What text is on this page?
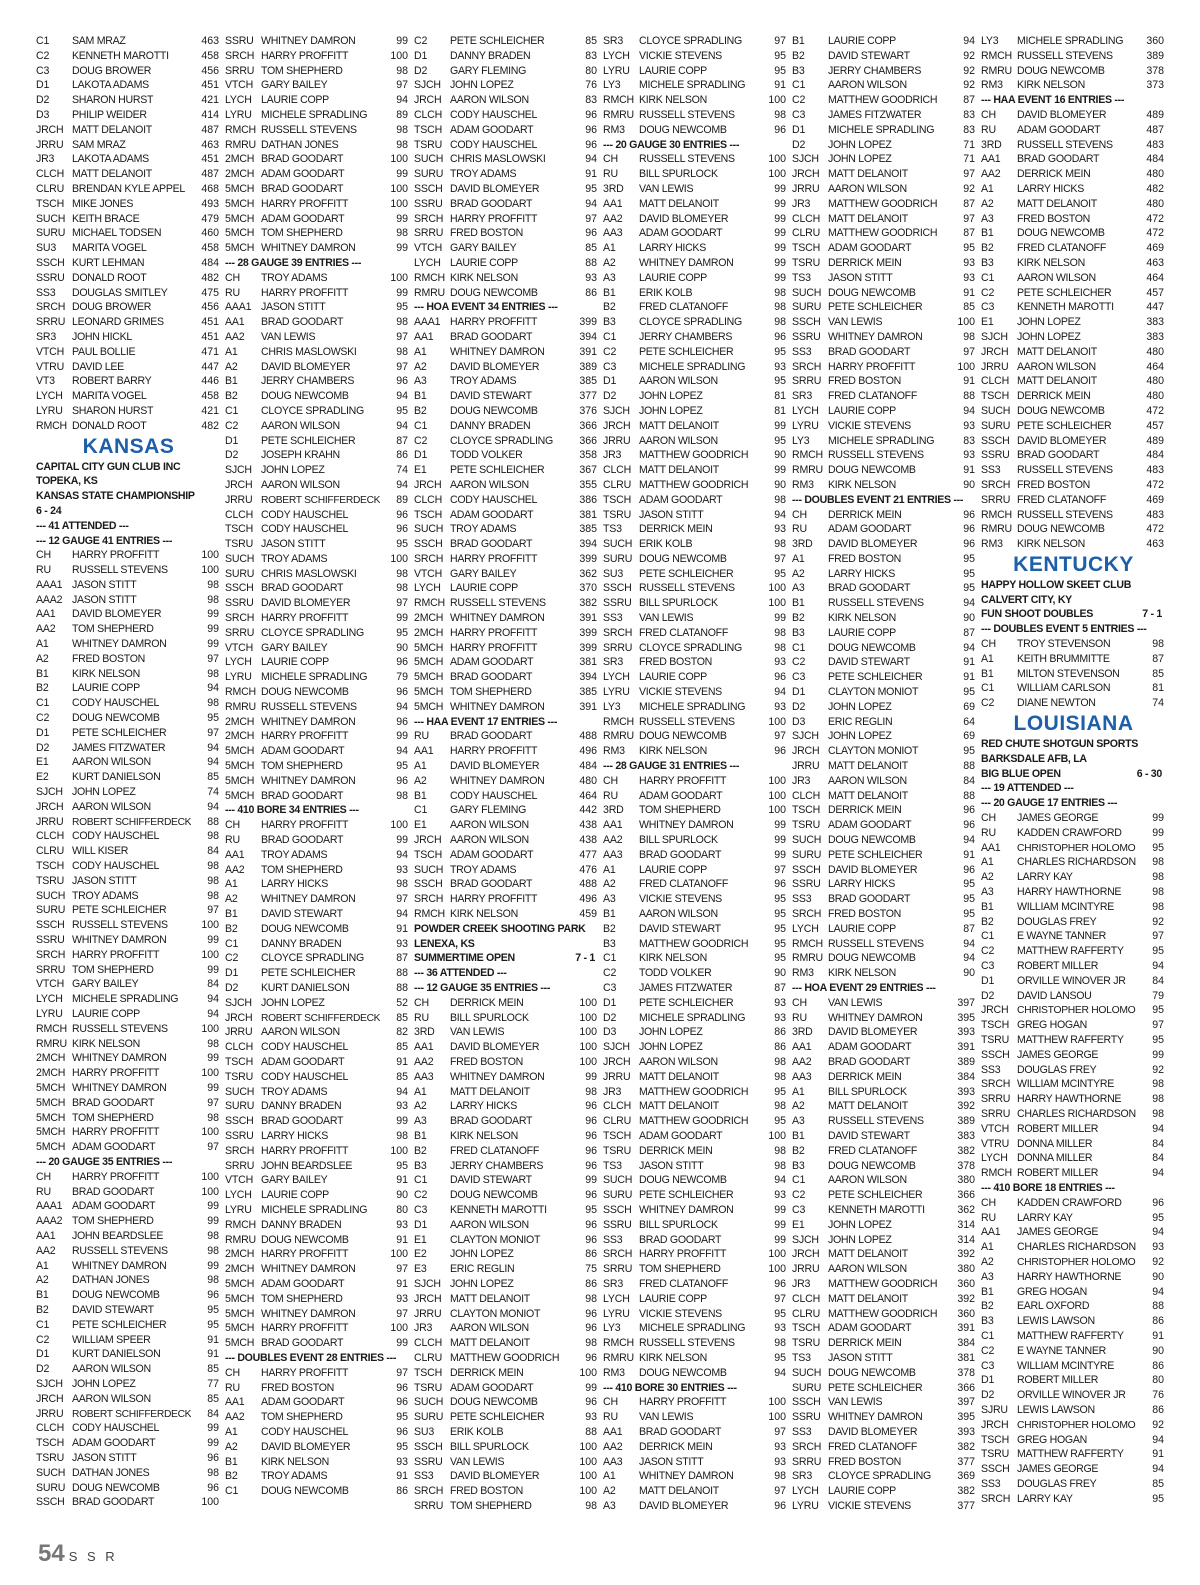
C1	SAM MRAZ	463
C2	KENNETH MAROTTI	458
C3	DOUG BROWER	456
D1	LAKOTA ADAMS	451
D2	SHARON HURST	421
D3	PHILIP WEIDER	414
JRCH MATT DELANOIT	487
JRRU SAM MRAZ	463
JR3	LAKOTA ADAMS	451
CLCH MATT DELANOIT	487
CLRU BRENDAN KYLE APPEL	468
TSCH MIKE JONES	493
SUCH KEITH BRACE	479
SURU MICHAEL TODSEN	460
SU3	MARITA VOGEL	458
SSCH KURT LEHMAN	484
SSRU DONALD ROOT	482
SS3	DOUGLAS SMITLEY	475
SRCH DOUG BROWER	456
SRRU LEONARD GRIMES	451
SR3	JOHN HICKL	451
VTCH PAUL BOLLIE	471
VTRU DAVID LEE	447
VT3	ROBERT BARRY	446
LYCH MARITA VOGEL	458
LYRU SHARON HURST	421
RMCH DONALD ROOT	482
KANSAS
CAPITAL CITY GUN CLUB INC
TOPEKA, KS
KANSAS STATE CHAMPIONSHIP
6 - 24
--- 41 ATTENDED ---
--- 12 GAUGE 41 ENTRIES ---
CH	HARRY PROFFITT	100
RU	RUSSELL STEVENS	100
AAA1 JASON STITT	98
AAA2 JASON STITT	98
AA1	DAVID BLOMEYER	99
AA2	TOM SHEPHERD	99
A1	WHITNEY DAMRON	99
A2	FRED BOSTON	97
B1	KIRK NELSON	98
B2	LAURIE COPP	94
C1	CODY HAUSCHEL	98
C2	DOUG NEWCOMB	95
D1	PETE SCHLEICHER	97
D2	JAMES FITZWATER	94
E1	AARON WILSON	94
E2	KURT DANIELSON	85
SJCH JOHN LOPEZ	74
JRCH AARON WILSON	94
JRRU ROBERT SCHIFFERDECK	88
CLCH CODY HAUSCHEL	98
CLRU WILL KISER	84
TSCH CODY HAUSCHEL	98
TSRU JASON STITT	98
SUCH TROY ADAMS	98
SURU PETE SCHLEICHER	97
SSCH RUSSELL STEVENS	100
SSRU WHITNEY DAMRON	99
SRCH HARRY PROFFITT	100
SRRU TOM SHEPHERD	99
VTCH GARY BAILEY	84
LYCH MICHELE SPRADLING	94
LYRU LAURIE COPP	94
RMCH RUSSELL STEVENS	100
RMRU KIRK NELSON	98
2MCH WHITNEY DAMRON	99
2MCH HARRY PROFFITT	100
5MCH WHITNEY DAMRON	99
5MCH BRAD GOODART	97
5MCH TOM SHEPHERD	98
5MCH HARRY PROFFITT	100
5MCH ADAM GOODART	97
--- 20 GAUGE 35 ENTRIES ---
CH	HARRY PROFFITT	100
RU	BRAD GOODART	100
AAA1 ADAM GOODART	99
AAA2 TOM SHEPHERD	99
AA1	JOHN BEARDSLEE	98
AA2	RUSSELL STEVENS	98
A1	WHITNEY DAMRON	99
A2	DATHAN JONES	98
B1	DOUG NEWCOMB	96
B2	DAVID STEWART	95
C1	PETE SCHLEICHER	95
C2	WILLIAM SPEER	91
D1	KURT DANIELSON	91
D2	AARON WILSON	85
SJCH JOHN LOPEZ	77
JRCH AARON WILSON	85
JRRU ROBERT SCHIFFERDECK	84
CLCH CODY HAUSCHEL	99
TSCH ADAM GOODART	99
TSRU JASON STITT	96
SUCH DATHAN JONES	98
SURU DOUG NEWCOMB	96
SSCH BRAD GOODART	100
SSRU WHITNEY DAMRON	99
SRCH HARRY PROFFITT	100
SRRU TOM SHEPHERD	98
VTCH GARY BAILEY	97
LYCH LAURIE COPP	94
LYRU MICHELE SPRADLING	89
RMCH RUSSELL STEVENS	98
RMRU DATHAN JONES	98
2MCH BRAD GOODART	100
2MCH ADAM GOODART	99
5MCH BRAD GOODART	100
5MCH HARRY PROFFITT	100
5MCH ADAM GOODART	99
5MCH TOM SHEPHERD	98
5MCH WHITNEY DAMRON	99
--- 28 GAUGE 39 ENTRIES ---
CH	TROY ADAMS	100
RU	HARRY PROFFITT	99
AAA1 JASON STITT	95
AA1	BRAD GOODART	98
AA2	VAN LEWIS	97
A1	CHRIS MASLOWSKI	98
A2	DAVID BLOMEYER	97
B1	JERRY CHAMBERS	96
B2	DOUG NEWCOMB	94
C1	CLOYCE SPRADLING	95
C2	AARON WILSON	94
D1	PETE SCHLEICHER	87
D2	JOSEPH KRAHN	86
SJCH JOHN LOPEZ	74
JRCH AARON WILSON	94
JRRU ROBERT SCHIFFERDECK	89
CLCH CODY HAUSCHEL	96
TSCH CODY HAUSCHEL	96
TSRU JASON STITT	95
SUCH TROY ADAMS	100
SURU CHRIS MASLOWSKI	98
SSCH BRAD GOODART	98
SSRU DAVID BLOMEYER	97
SRCH HARRY PROFFITT	99
SRRU CLOYCE SPRADLING	95
VTCH GARY BAILEY	90
LYCH LAURIE COPP	96
LYRU MICHELE SPRADLING	79
RMCH DOUG NEWCOMB	96
RMRU RUSSELL STEVENS	94
2MCH WHITNEY DAMRON	96
2MCH HARRY PROFFITT	99
5MCH ADAM GOODART	94
5MCH TOM SHEPHERD	95
5MCH WHITNEY DAMRON	96
5MCH BRAD GOODART	98
--- 410 BORE 34 ENTRIES ---
CH	HARRY PROFFITT	100
RU	BRAD GOODART	99
AA1	TROY ADAMS	94
AA2	TOM SHEPHERD	93
A1	LARRY HICKS	98
A2	WHITNEY DAMRON	97
B1	DAVID STEWART	94
B2	DOUG NEWCOMB	91
C1	DANNY BRADEN	93
C2	CLOYCE SPRADLING	87
D1	PETE SCHLEICHER	88
D2	KURT DANIELSON	88
SJCH JOHN LOPEZ	52
JRCH ROBERT SCHIFFERDECK	85
JRRU AARON WILSON	82
CLCH CODY HAUSCHEL	85
TSCH ADAM GOODART	91
TSRU CODY HAUSCHEL	85
SUCH TROY ADAMS	94
SURU DANNY BRADEN	93
SSCH BRAD GOODART	99
SSRU LARRY HICKS	98
SRCH HARRY PROFFITT	100
SRRU JOHN BEARDSLEE	95
VTCH GARY BAILEY	91
LYCH LAURIE COPP	90
LYRU MICHELE SPRADLING	80
RMCH DANNY BRADEN	93
RMRU DOUG NEWCOMB	91
2MCH HARRY PROFFITT	100
2MCH WHITNEY DAMRON	97
5MCH ADAM GOODART	91
5MCH TOM SHEPHERD	93
5MCH WHITNEY DAMRON	97
5MCH HARRY PROFFITT	100
5MCH BRAD GOODART	99
--- DOUBLES EVENT 28 ENTRIES ---
CH	HARRY PROFFITT	97
RU	FRED BOSTON	96
AA1	ADAM GOODART	96
AA2	TOM SHEPHERD	95
A1	CODY HAUSCHEL	96
A2	DAVID BLOMEYER	95
B1	KIRK NELSON	93
B2	TROY ADAMS	91
C1	DOUG NEWCOMB	86
C2	PETE SCHLEICHER	85
D1	DANNY BRADEN	83
D2	GARY FLEMING	80
SJCH JOHN LOPEZ	76
JRCH AARON WILSON	83
CLCH CODY HAUSCHEL	96
TSCH ADAM GOODART	96
TSRU CODY HAUSCHEL	96
SUCH CHRIS MASLOWSKI	94
SURU TROY ADAMS	91
SSCH DAVID BLOMEYER	95
SSRU BRAD GOODART	94
SRCH HARRY PROFFITT	97
SRRU FRED BOSTON	96
VTCH GARY BAILEY	85
LYCH LAURIE COPP	88
RMCH KIRK NELSON	93
RMRU DOUG NEWCOMB	86
--- HOA EVENT 34 ENTRIES ---
AAA1 HARRY PROFFITT	399
AA1	BRAD GOODART	394
A1	WHITNEY DAMRON	391
A2	DAVID BLOMEYER	389
A3	TROY ADAMS	385
B1	DAVID STEWART	377
B2	DOUG NEWCOMB	376
C1	DANNY BRADEN	366
C2	CLOYCE SPRADLING	366
D1	TODD VOLKER	358
E1	PETE SCHLEICHER	367
JRCH AARON WILSON	355
CLCH CODY HAUSCHEL	386
TSCH ADAM GOODART	381
SUCH TROY ADAMS	385
SSCH BRAD GOODART	394
SRCH HARRY PROFFITT	399
VTCH GARY BAILEY	362
LYCH LAURIE COPP	370
RMCH RUSSELL STEVENS	382
2MCH WHITNEY DAMRON	391
2MCH HARRY PROFFITT	399
5MCH HARRY PROFFITT	399
5MCH ADAM GOODART	381
5MCH BRAD GOODART	394
5MCH TOM SHEPHERD	385
5MCH WHITNEY DAMRON	391
--- HAA EVENT 17 ENTRIES ---
RU	BRAD GOODART	488
AA1	HARRY PROFFITT	496
A1	DAVID BLOMEYER	484
A2	WHITNEY DAMRON	480
B1	CODY HAUSCHEL	464
C1	GARY FLEMING	442
E1	AARON WILSON	438
JRCH AARON WILSON	438
TSCH ADAM GOODART	477
SUCH TROY ADAMS	476
SSCH BRAD GOODART	488
SRCH HARRY PROFFITT	496
RMCH KIRK NELSON	459
POWDER CREEK SHOOTING PARK
LENEXA, KS
SUMMERTIME OPEN	7 - 1
--- 36 ATTENDED ---
--- 12 GAUGE 35 ENTRIES ---
CH	DERRICK MEIN	100
RU	BILL SPURLOCK	100
3RD	VAN LEWIS	100
AA1	DAVID BLOMEYER	100
AA2	FRED BOSTON	100
AA3	WHITNEY DAMRON	99
A1	MATT DELANOIT	98
A2	LARRY HICKS	96
A3	BRAD GOODART	96
B1	KIRK NELSON	96
B2	FRED CLATANOFF	96
B3	JERRY CHAMBERS	96
C1	DAVID STEWART	99
C2	DOUG NEWCOMB	96
C3	KENNETH MAROTTI	95
D1	AARON WILSON	96
E1	CLAYTON MONIOT	96
E2	JOHN LOPEZ	86
E3	ERIC REGLIN	75
SJCH JOHN LOPEZ	86
JRCH MATT DELANOIT	98
JRRU CLAYTON MONIOT	96
JR3	AARON WILSON	96
CLCH MATT DELANOIT	98
CLRU MATTHEW GOODRICH	96
TSCH DERRICK MEIN	100
TSRU ADAM GOODART	99
SUCH DOUG NEWCOMB	96
SURU PETE SCHLEICHER	93
SU3	ERIK KOLB	88
SSCH BILL SPURLOCK	100
SSRU VAN LEWIS	100
SS3	DAVID BLOMEYER	100
SRCH FRED BOSTON	100
SRRU TOM SHEPHERD	98
SR3	CLOYCE SPRADLING	97
LYCH VICKIE STEVENS	95
LYRU LAURIE COPP	95
LY3	MICHELE SPRADLING	91
RMCH KIRK NELSON	100
RMRU RUSSELL STEVENS	98
RM3	DOUG NEWCOMB	96
--- 20 GAUGE 30 ENTRIES ---
CH	RUSSELL STEVENS	100
RU	BILL SPURLOCK	100
3RD	VAN LEWIS	99
AA1	MATT DELANOIT	99
AA2	DAVID BLOMEYER	99
AA3	ADAM GOODART	99
A1	LARRY HICKS	99
A2	WHITNEY DAMRON	99
A3	LAURIE COPP	99
B1	ERIK KOLB	98
B2	FRED CLATANOFF	98
B3	CLOYCE SPRADLING	98
C1	JERRY CHAMBERS	96
C2	PETE SCHLEICHER	95
C3	MICHELE SPRADLING	93
D1	AARON WILSON	95
D2	JOHN LOPEZ	81
SJCH JOHN LOPEZ	81
JRCH MATT DELANOIT	99
JRRU AARON WILSON	95
JR3	MATTHEW GOODRICH	90
CLCH MATT DELANOIT	99
CLRU MATTHEW GOODRICH	90
TSCH ADAM GOODART	98
TSRU JASON STITT	94
TS3	DERRICK MEIN	93
SUCH ERIK KOLB	98
SURU DOUG NEWCOMB	97
SU3	PETE SCHLEICHER	95
SSCH RUSSELL STEVENS	100
SSRU BILL SPURLOCK	100
SS3	VAN LEWIS	99
SRCH FRED CLATANOFF	98
SRRU CLOYCE SPRADLING	98
SR3	FRED BOSTON	93
LYCH LAURIE COPP	96
LYRU VICKIE STEVENS	94
LY3	MICHELE SPRADLING	93
RMCH RUSSELL STEVENS	100
RMRU DOUG NEWCOMB	97
RM3	KIRK NELSON	96
--- 28 GAUGE 31 ENTRIES ---
CH	HARRY PROFFITT	100
RU	ADAM GOODART	100
3RD	TOM SHEPHERD	100
AA1	WHITNEY DAMRON	99
AA2	BILL SPURLOCK	99
AA3	BRAD GOODART	99
A1	LAURIE COPP	97
A2	FRED CLATANOFF	96
A3	VICKIE STEVENS	95
B1	AARON WILSON	95
B2	DAVID STEWART	95
B3	MATTHEW GOODRICH	95
C1	KIRK NELSON	95
C2	TODD VOLKER	90
C3	JAMES FITZWATER	87
D1	PETE SCHLEICHER	93
D2	MICHELE SPRADLING	93
D3	JOHN LOPEZ	86
SJCH JOHN LOPEZ	86
JRCH AARON WILSON	98
JRRU MATT DELANOIT	98
JR3	MATTHEW GOODRICH	95
CLCH MATT DELANOIT	98
CLRU MATTHEW GOODRICH	95
TSCH ADAM GOODART	100
TSRU DERRICK MEIN	98
TS3	JASON STITT	98
SUCH DOUG NEWCOMB	94
SURU PETE SCHLEICHER	93
SSCH WHITNEY DAMRON	99
SSRU BILL SPURLOCK	99
SS3	BRAD GOODART	99
SRCH HARRY PROFFITT	100
SRRU TOM SHEPHERD	100
SR3	FRED CLATANOFF	96
LYCH LAURIE COPP	97
LYRU VICKIE STEVENS	95
LY3	MICHELE SPRADLING	93
RMCH RUSSELL STEVENS	98
RMRU KIRK NELSON	95
RM3	DOUG NEWCOMB	94
--- 410 BORE 30 ENTRIES ---
CH	HARRY PROFFITT	100
RU	VAN LEWIS	100
AA1	BRAD GOODART	97
AA2	DERRICK MEIN	93
AA3	JASON STITT	93
A1	WHITNEY DAMRON	98
A2	MATT DELANOIT	97
A3	DAVID BLOMEYER	96
B1	LAURIE COPP	94
B2	DAVID STEWART	92
B3	JERRY CHAMBERS	92
C1	AARON WILSON	92
C2	MATTHEW GOODRICH	87
C3	JAMES FITZWATER	83
D1	MICHELE SPRADLING	83
D2	JOHN LOPEZ	71
SJCH JOHN LOPEZ	71
JRCH MATT DELANOIT	97
JRRU AARON WILSON	92
JR3	MATTHEW GOODRICH	87
CLCH MATT DELANOIT	97
CLRU MATTHEW GOODRICH	87
TSCH ADAM GOODART	95
TSRU DERRICK MEIN	93
TS3	JASON STITT	93
SUCH DOUG NEWCOMB	91
SURU PETE SCHLEICHER	85
SSCH VAN LEWIS	100
SSRU WHITNEY DAMRON	98
SS3	BRAD GOODART	97
SRCH HARRY PROFFITT	100
SRRU FRED BOSTON	91
SR3	FRED CLATANOFF	88
LYCH LAURIE COPP	94
LYRU VICKIE STEVENS	93
LY3	MICHELE SPRADLING	83
RMCH RUSSELL STEVENS	93
RMRU DOUG NEWCOMB	91
RM3	KIRK NELSON	90
--- DOUBLES EVENT 21 ENTRIES ---
CH	DERRICK MEIN	96
RU	ADAM GOODART	96
3RD	DAVID BLOMEYER	96
A1	FRED BOSTON	95
A2	LARRY HICKS	95
A3	BRAD GOODART	95
B1	RUSSELL STEVENS	94
B2	KIRK NELSON	90
B3	LAURIE COPP	87
C1	DOUG NEWCOMB	94
C2	DAVID STEWART	91
C3	PETE SCHLEICHER	91
D1	CLAYTON MONIOT	95
D2	JOHN LOPEZ	69
D3	ERIC REGLIN	64
SJCH JOHN LOPEZ	69
JRCH CLAYTON MONIOT	95
JRRU MATT DELANOIT	88
JR3	AARON WILSON	84
CLCH MATT DELANOIT	88
TSCH DERRICK MEIN	96
TSRU ADAM GOODART	96
SUCH DOUG NEWCOMB	94
SURU PETE SCHLEICHER	91
SSCH DAVID BLOMEYER	96
SSRU LARRY HICKS	95
SS3	BRAD GOODART	95
SRCH FRED BOSTON	95
LYCH LAURIE COPP	87
RMCH RUSSELL STEVENS	94
RMRU DOUG NEWCOMB	94
RM3	KIRK NELSON	90
--- HOA EVENT 29 ENTRIES ---
CH	VAN LEWIS	397
RU	WHITNEY DAMRON	395
3RD	DAVID BLOMEYER	393
AA1	ADAM GOODART	391
AA2	BRAD GOODART	389
AA3	DERRICK MEIN	384
A1	BILL SPURLOCK	393
A2	MATT DELANOIT	392
A3	RUSSELL STEVENS	389
B1	DAVID STEWART	383
B2	FRED CLATANOFF	382
B3	DOUG NEWCOMB	378
C1	AARON WILSON	380
C2	PETE SCHLEICHER	366
C3	KENNETH MAROTTI	362
E1	JOHN LOPEZ	314
SJCH JOHN LOPEZ	314
JRCH MATT DELANOIT	392
JRRU AARON WILSON	380
JR3	MATTHEW GOODRICH	360
CLCH MATT DELANOIT	392
CLRU MATTHEW GOODRICH	360
TSCH ADAM GOODART	391
TSRU DERRICK MEIN	384
TS3	JASON STITT	381
SUCH DOUG NEWCOMB	378
SURU PETE SCHLEICHER	366
SSCH VAN LEWIS	397
SSRU WHITNEY DAMRON	395
SS3	DAVID BLOMEYER	393
SRCH FRED CLATANOFF	382
SRRU FRED BOSTON	377
SR3	CLOYCE SPRADLING	369
LYCH LAURIE COPP	382
LYRU VICKIE STEVENS	377
LY3	MICHELE SPRADLING	360
RMCH RUSSELL STEVENS	389
RMRU DOUG NEWCOMB	378
RM3	KIRK NELSON	373
--- HAA EVENT 16 ENTRIES ---
CH	DAVID BLOMEYER	489
RU	ADAM GOODART	487
3RD	RUSSELL STEVENS	483
AA1	BRAD GOODART	484
AA2	DERRICK MEIN	480
A1	LARRY HICKS	482
A2	MATT DELANOIT	480
A3	FRED BOSTON	472
B1	DOUG NEWCOMB	472
B2	FRED CLATANOFF	469
B3	KIRK NELSON	463
C1	AARON WILSON	464
C2	PETE SCHLEICHER	457
C3	KENNETH MAROTTI	447
E1	JOHN LOPEZ	383
SJCH JOHN LOPEZ	383
JRCH MATT DELANOIT	480
JRRU AARON WILSON	464
CLCH MATT DELANOIT	480
TSCH DERRICK MEIN	480
SUCH DOUG NEWCOMB	472
SURU PETE SCHLEICHER	457
SSCH DAVID BLOMEYER	489
SSRU BRAD GOODART	484
SS3	RUSSELL STEVENS	483
SRCH FRED BOSTON	472
SRRU FRED CLATANOFF	469
RMCH RUSSELL STEVENS	483
RMRU DOUG NEWCOMB	472
RM3	KIRK NELSON	463
KENTUCKY
HAPPY HOLLOW SKEET CLUB
CALVERT CITY, KY
FUN SHOOT DOUBLES	7 - 1
--- DOUBLES EVENT 5 ENTRIES ---
CH	TROY STEVENSON	98
A1	KEITH BRUMMITTE	87
B1	MILTON STEVENSON	85
C1	WILLIAM CARLSON	81
C2	DIANE NEWTON	74
LOUISIANA
RED CHUTE SHOTGUN SPORTS
BARKSDALE AFB, LA
BIG BLUE OPEN	6 - 30
--- 19 ATTENDED ---
--- 20 GAUGE 17 ENTRIES ---
CH	JAMES GEORGE	99
RU	KADDEN CRAWFORD	99
AA1	CHRISTOPHER HOLOMO	95
A1	CHARLES RICHARDSON	98
A2	LARRY KAY	98
A3	HARRY HAWTHORNE	98
B1	WILLIAM MCINTYRE	98
B2	DOUGLAS FREY	92
C1	E WAYNE TANNER	97
C2	MATTHEW RAFFERTY	95
C3	ROBERT MILLER	94
D1	ORVILLE WINOVER JR	84
D2	DAVID LANSOU	79
JRCH CHRISTOPHER HOLOMO	95
TSCH GREG HOGAN	97
TSRU MATTHEW RAFFERTY	95
SSCH JAMES GEORGE	99
SS3	DOUGLAS FREY	92
SRCH WILLIAM MCINTYRE	98
SRRU HARRY HAWTHORNE	98
SRRU CHARLES RICHARDSON	98
VTCH ROBERT MILLER	94
VTRU DONNA MILLER	84
LYCH DONNA MILLER	84
RMCH ROBERT MILLER	94
--- 410 BORE 18 ENTRIES ---
CH	KADDEN CRAWFORD	96
RU	LARRY KAY	95
AA1	JAMES GEORGE	94
A1	CHARLES RICHARDSON	93
A2	CHRISTOPHER HOLOMO	92
A3	HARRY HAWTHORNE	90
B1	GREG HOGAN	94
B2	EARL OXFORD	88
B3	LEWIS LAWSON	86
C1	MATTHEW RAFFERTY	91
C2	E WAYNE TANNER	90
C3	WILLIAM MCINTYRE	86
D1	ROBERT MILLER	80
D2	ORVILLE WINOVER JR	76
SJRU LEWIS LAWSON	86
JRCH CHRISTOPHER HOLOMO	92
TSCH GREG HOGAN	94
TSRU MATTHEW RAFFERTY	91
SSCH JAMES GEORGE	94
SS3	DOUGLAS FREY	85
SRCH LARRY KAY	95
54 S S R
